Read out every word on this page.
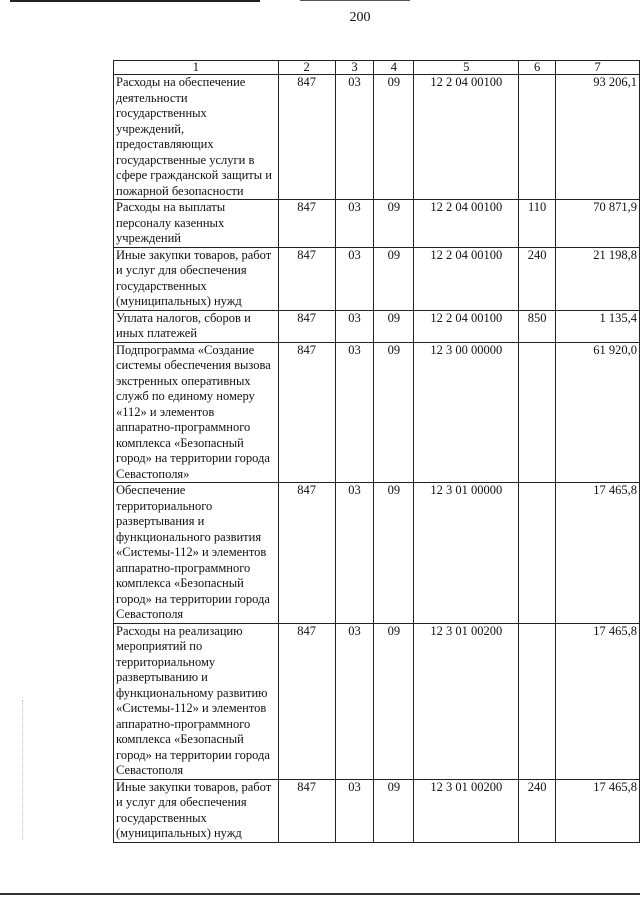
200
1	2	3	4	5	6	7
Расходы на обеспечение деятельности государственных учреждений, предоставляющих государственные услуги в сфере гражданской защиты и пожарной безопасности	847	03	09	12 2 04 00100		93 206,1
Расходы на выплаты персоналу казенных учреждений	847	03	09	12 2 04 00100	110	70 871,9
Иные закупки товаров, работ и услуг для обеспечения государственных (муниципальных) нужд	847	03	09	12 2 04 00100	240	21 198,8
Уплата налогов, сборов и иных платежей	847	03	09	12 2 04 00100	850	1 135,4
Подпрограмма «Создание системы обеспечения вызова экстренных оперативных служб по единому номеру «112» и элементов аппаратно-программного комплекса «Безопасный город» на территории города Севастополя»	847	03	09	12 3 00 00000		61 920,0
Обеспечение территориального развертывания и функционального развития «Системы-112» и элементов аппаратно-программного комплекса «Безопасный город» на территории города Севастополя	847	03	09	12 3 01 00000		17 465,8
Расходы на реализацию мероприятий по территориальному развертыванию и функциональному развитию «Системы-112» и элементов аппаратно-программного комплекса «Безопасный город» на территории города Севастополя	847	03	09	12 3 01 00200		17 465,8
Иные закупки товаров, работ и услуг для обеспечения государственных (муниципальных) нужд	847	03	09	12 3 01 00200	240	17 465,8
